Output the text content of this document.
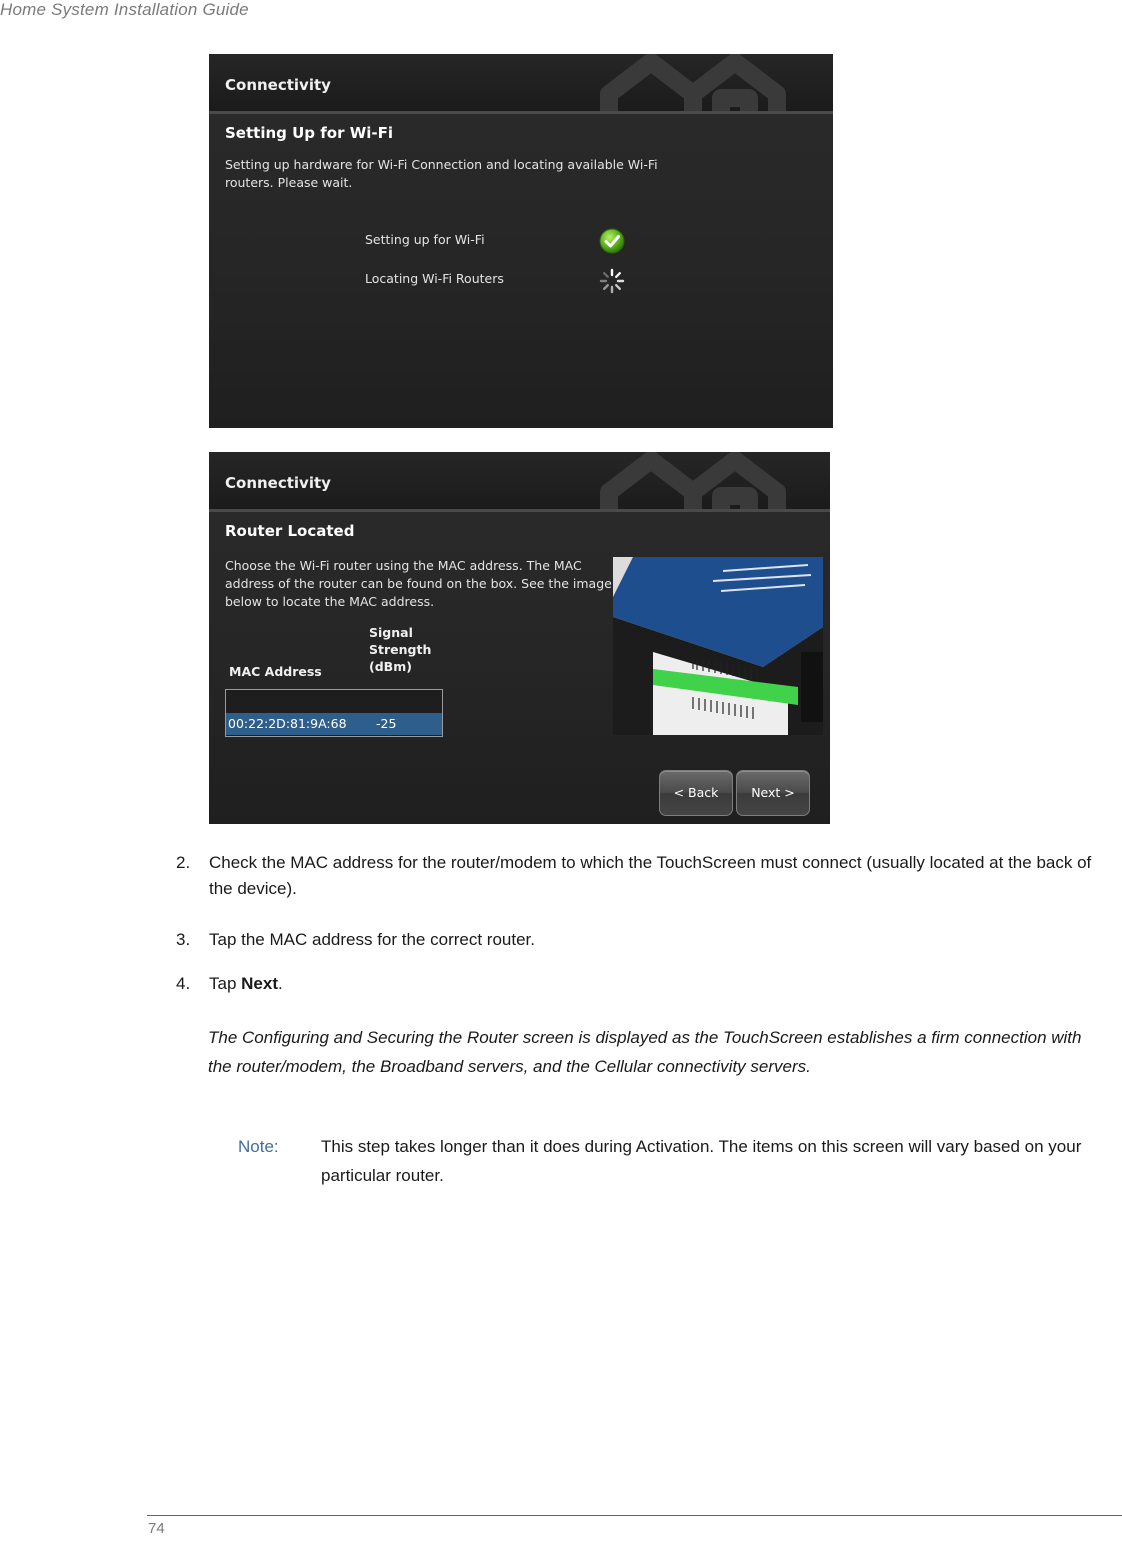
Home System Installation Guide
Connectivity
Setting Up for Wi-Fi
Setting up hardware for Wi-Fi Connection and locating available Wi-Fi routers. Please wait.
Setting up for Wi-Fi
Locating Wi-Fi Routers
Connectivity
Router Located
Choose the Wi-Fi router using the MAC address. The MAC address of the router can be found on the box. See the image below to locate the MAC address.
Signal Strength (dBm)
MAC Address
00:22:2D:81:9A:68 -25
< Back	Next >

2. Check the MAC address for the router/modem to which the TouchScreen must connect (usually located at the back of the device).

3. Tap the MAC address for the correct router.

4. Tap Next.

The Configuring and Securing the Router screen is displayed as the TouchScreen establishes a firm connection with the router/modem, the Broadband servers, and the Cellular connectivity servers.
Note: This step takes longer than it does during Activation. The items on this screen will vary based on your particular router.
74
